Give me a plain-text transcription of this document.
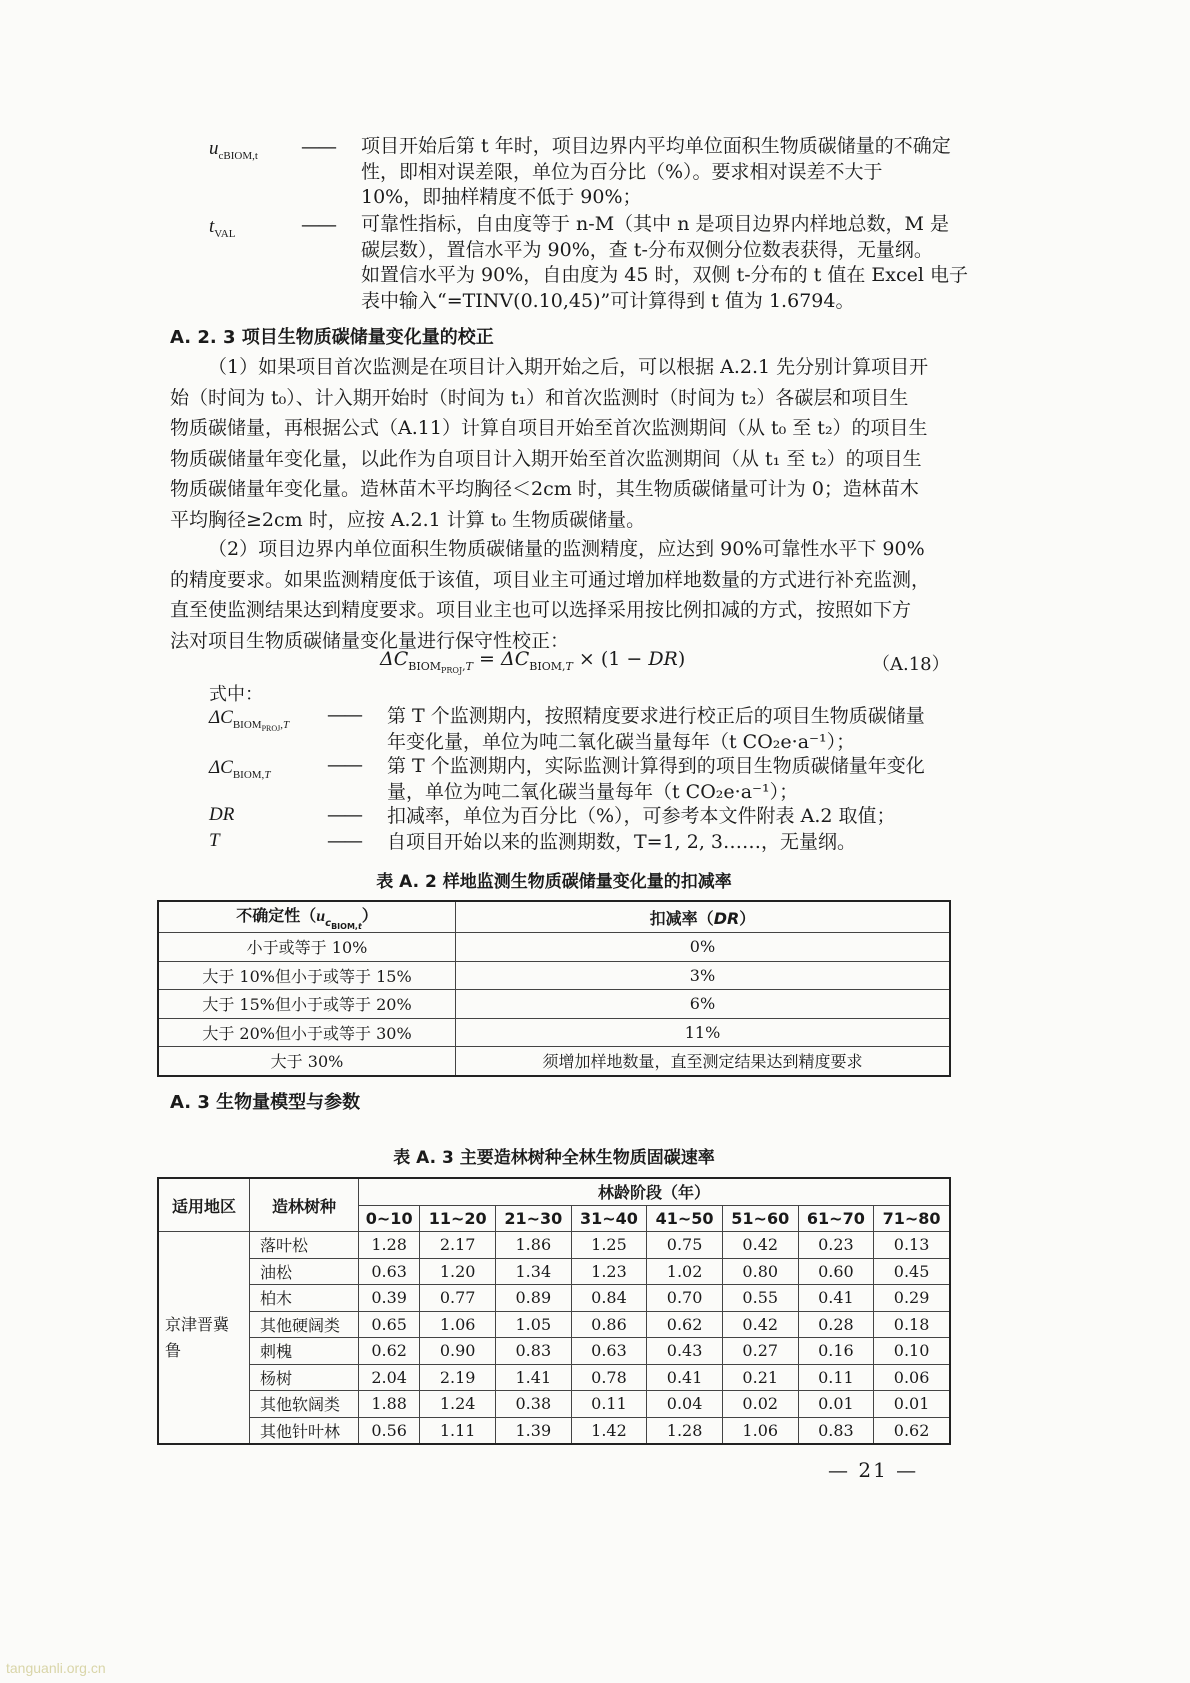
$u_{cBIOM,t}$ —— 项目开始后第 t 年时，项目边界内平均单位面积生物质碳储量的不确定
性，即相对误差限，单位为百分比（%）。要求相对误差不大于
10%，即抽样精度不低于 90%；
$t_{VAL}$	—— 可靠性指标，自由度等于 n-M（其中 n 是项目边界内样地总数，M 是
碳层数），置信水平为 90%，查 t-分布双侧分位数表获得，无量纲。
如置信水平为 90%，自由度为 45 时，双侧 t-分布的 t 值在 Excel 电子
表中输入“=TINV(0.10,45)”可计算得到 t 值为 1.6794。
A. 2. 3 项目生物质碳储量变化量的校正
（1）如果项目首次监测是在项目计入期开始之后，可以根据 A.2.1 先分别计算项目开
始（时间为 t₀）、计入期开始时（时间为 t₁）和首次监测时（时间为 t₂）各碳层和项目生
物质碳储量，再根据公式（A.11）计算自项目开始至首次监测期间（从 t₀ 至 t₂）的项目生
物质碳储量年变化量，以此作为自项目计入期开始至首次监测期间（从 t₁ 至 t₂）的项目生
物质碳储量年变化量。造林苗木平均胸径＜2cm 时，其生物质碳储量可计为 0；造林苗木
平均胸径≥2cm 时，应按 A.2.1 计算 t₀ 生物质碳储量。
（2）项目边界内单位面积生物质碳储量的监测精度，应达到 90%可靠性水平下 90%
的精度要求。如果监测精度低于该值，项目业主可通过增加样地数量的方式进行补充监测，
直至使监测结果达到精度要求。项目业主也可以选择采用按比例扣减的方式，按照如下方
法对项目生物质碳储量变化量进行保守性校正：
$\Delta C_{BIOM_{PROJ},T} = \Delta C_{BIOM,T} \times (1 - DR)$	（A.18）
式中：
$\Delta C_{BIOM_{PROJ},T}$ —— 第 T 个监测期内，按照精度要求进行校正后的项目生物质碳储量
年变化量，单位为吨二氧化碳当量每年（t CO₂e·a⁻¹）；
$\Delta C_{BIOM,T}$	—— 第 T 个监测期内，实际监测计算得到的项目生物质碳储量年变化
量，单位为吨二氧化碳当量每年（t CO₂e·a⁻¹）；
DR	—— 扣减率，单位为百分比（%），可参考本文件附表 A.2 取值；
T	—— 自项目开始以来的监测期数，T=1, 2, 3……，无量纲。
表 A. 2 样地监测生物质碳储量变化量的扣减率
不确定性$(u_{c_{BIOM,t}})$	扣减率（DR）
小于或等于 10%	0%
大于 10%但小于或等于 15%	3%
大于 15%但小于或等于 20%	6%
大于 20%但小于或等于 30%	11%
大于 30%	须增加样地数量，直至测定结果达到精度要求
A. 3 生物量模型与参数
表 A. 3 主要造林树种全林生物质固碳速率
适用地区	造林树种	林龄阶段（年）							
		0~10	11~20	21~30	31~40	41~50	51~60	61~70	71~80
京津晋冀鲁	落叶松	1.28	2.17	1.86	1.25	0.75	0.42	0.23	0.13
	油松	0.63	1.20	1.34	1.23	1.02	0.80	0.60	0.45
	柏木	0.39	0.77	0.89	0.84	0.70	0.55	0.41	0.29
	其他硬阔类	0.65	1.06	1.05	0.86	0.62	0.42	0.28	0.18
	刺槐	0.62	0.90	0.83	0.63	0.43	0.27	0.16	0.10
	杨树	2.04	2.19	1.41	0.78	0.41	0.21	0.11	0.06
	其他软阔类	1.88	1.24	0.38	0.11	0.04	0.02	0.01	0.01
	其他针叶林	0.56	1.11	1.39	1.42	1.28	1.06	0.83	0.62
— 21 —
tanguanli.org.cn
